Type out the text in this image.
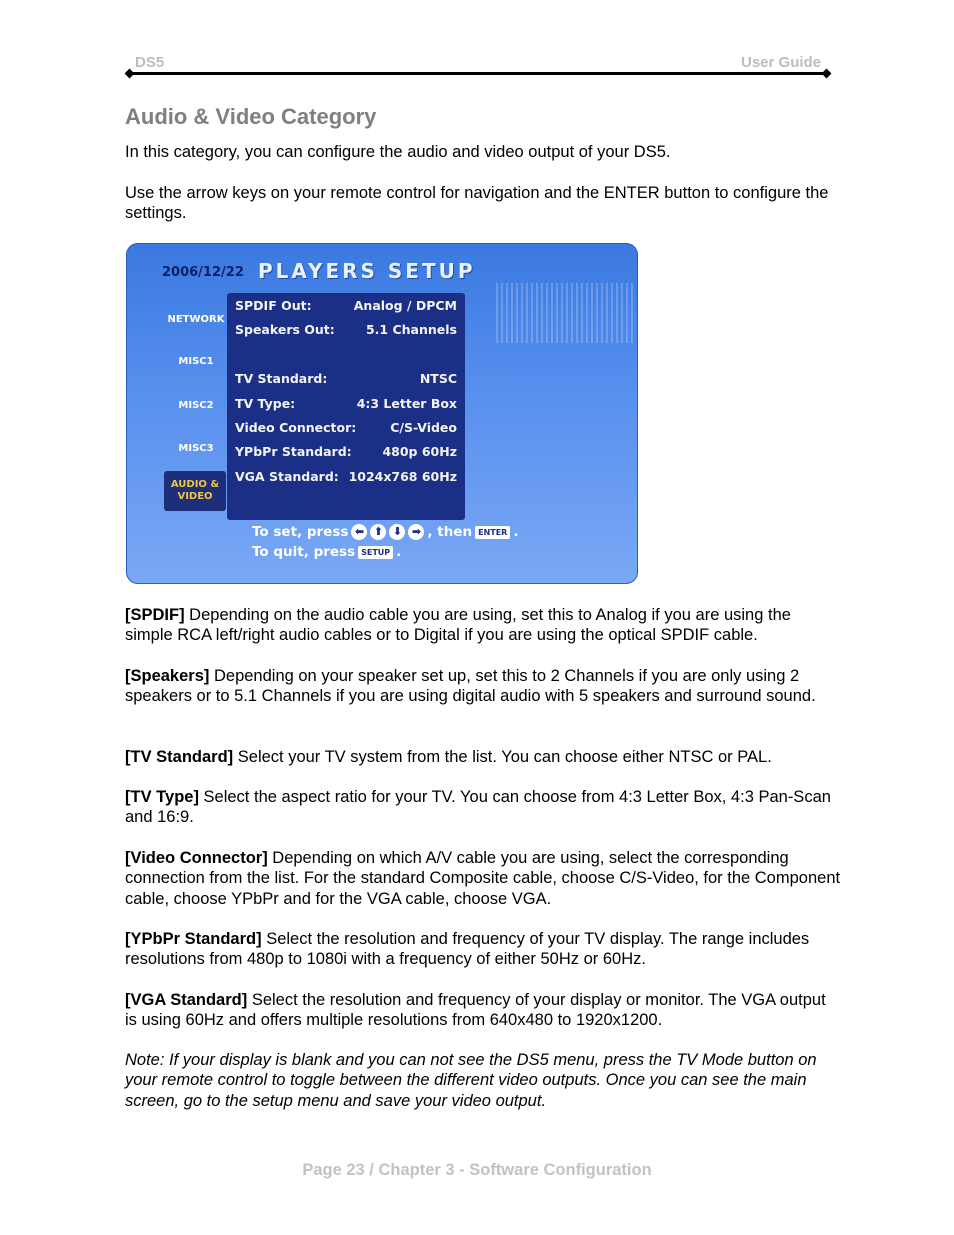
DS5	User Guide
Audio & Video Category

In this category, you can configure the audio and video output of your DS5.

Use the arrow keys on your remote control for navigation and the ENTER button to configure the settings.

2006/12/22 PLAYERS SETUP
NETWORK
MISC1
MISC2
MISC3
AUDIO &
VIDEO
SPDIF Out:	Analog / DPCM
Speakers Out: 5.1 Channels
TV Standard:	NTSC
TV Type:	4:3 Letter Box
Video Connector:	C/S-Video
YPbPr Standard: 480p 60Hz
VGA Standard: 1024x768 60Hz
To set, press ⬅ ⬆ ⬇ ➡ , then ENTER .
To quit, press SETUP .

[SPDIF] Depending on the audio cable you are using, set this to Analog if you are using the simple RCA left/right audio cables or to Digital if you are using the optical SPDIF cable.

[Speakers] Depending on your speaker set up, set this to 2 Channels if you are only using 2 speakers or to 5.1 Channels if you are using digital audio with 5 speakers and surround sound.

[TV Standard] Select your TV system from the list. You can choose either NTSC or PAL.

[TV Type] Select the aspect ratio for your TV. You can choose from 4:3 Letter Box, 4:3 Pan-Scan and 16:9.

[Video Connector] Depending on which A/V cable you are using, select the corresponding connection from the list. For the standard Composite cable, choose C/S-Video, for the Component cable, choose YPbPr and for the VGA cable, choose VGA.

[YPbPr Standard] Select the resolution and frequency of your TV display. The range includes resolutions from 480p to 1080i with a frequency of either 50Hz or 60Hz.

[VGA Standard] Select the resolution and frequency of your display or monitor. The VGA output is using 60Hz and offers multiple resolutions from 640x480 to 1920x1200.

Note: If your display is blank and you can not see the DS5 menu, press the TV Mode button on your remote control to toggle between the different video outputs. Once you can see the main screen, go to the setup menu and save your video output.

Page 23 / Chapter 3 - Software Configuration
